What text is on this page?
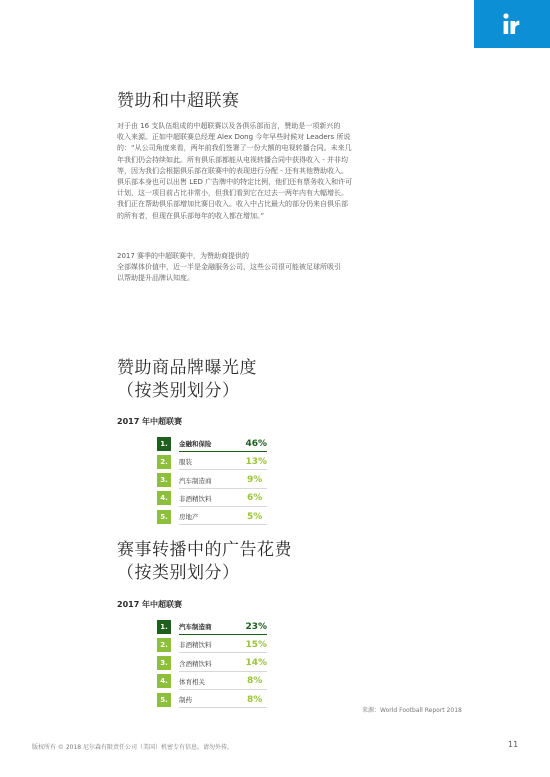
赞助和中超联赛
对于由 16 支队伍组成的中超联赛以及各俱乐部而言，赞助是一项新兴的
收入来源。正如中超联赛总经理 Alex Dong 今年早些时候对 Leaders 所说
的：“从公司角度来看，两年前我们签署了一份大额的电视转播合同。未来几
年我们仍会持续如此。所有俱乐部都能从电视转播合同中获得收入 - 并非均
等，因为我们会根据俱乐部在联赛中的表现进行分配 - 还有其他赞助收入。
俱乐部本身也可以出售 LED 广告牌中的特定比例，他们还有票务收入和许可
计划，这一项目前占比非常小，但我们看到它在过去一两年内有大幅增长。
我们正在帮助俱乐部增加比赛日收入。收入中占比最大的部分仍来自俱乐部
的所有者，但现在俱乐部每年的收入都在增加。”
2017 赛季的中超联赛中，为赞助商提供的
全部媒体价值中，近一半是金融服务公司，这些公司很可能被足球所吸引
以帮助提升品牌认知度。
赞助商品牌曝光度
（按类别划分）
2017 年中超联赛
1.	金融和保险	46%
2.	服装	13%
3.	汽车制造商	9%
4.	非酒精饮料	6%
5.	房地产	5%
赛事转播中的广告花费
（按类别划分）
2017 年中超联赛
1.	汽车制造商	23%
2.	非酒精饮料	15%
3.	含酒精饮料	14%
4.	体育相关	8%
5.	制药	8%
来源：World Football Report 2018
版权所有 © 2018 尼尔森有限责任公司（美国）机密专有信息。请勿外传。	11
